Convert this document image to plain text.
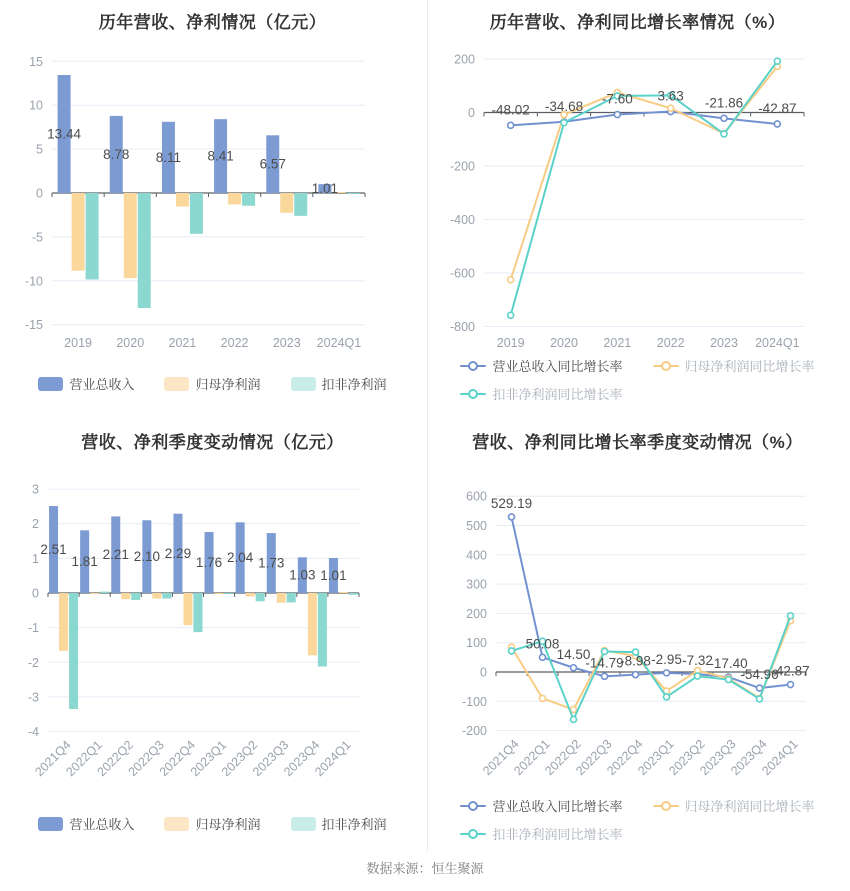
历年营收、净利情况（亿元）
15
10
5
0
-5
-10
-15
2019 2020 2021 2022 2023 2024Q1
13.44
8.78 8.11 8.41
6.57
1.01
营业总收入	归母净利润	扣非净利润
历年营收、净利同比增长率情况（%）
200
0
-200
-400
-600
-800
2019 2020 2021 2022 2023 2024Q1
-48.02 -34.68 -7.60 3.63 -21.86 -42.87
营业总收入同比增长率	归母净利润同比增长率
扣非净利润同比增长率
营收、净利季度变动情况（亿元）
3
2
1
0
-1
-2
-3
-4
2021Q4
2022Q1
2022Q2
2022Q3
2022Q4
2023Q1
2023Q2
2023Q3
2023Q4
2024Q1
2.51
1.81 2.21 2.10 2.29
1.76 2.04 1.73
1.03 1.01
营业总收入	归母净利润	扣非净利润
营收、净利同比增长率季度变动情况（%）
600
500
400
300
200
100
0
-100
-200
2021Q4
2022Q1
2022Q2
2022Q3
2022Q4
2023Q1
2023Q2
2023Q3
2023Q4
2024Q1
529.19
50.08
14.50
-14.79
-8.98 -2.95 -7.32
-17.40
-54.96
-42.87
营业总收入同比增长率	归母净利润同比增长率
扣非净利润同比增长率
数据来源：恒生聚源
